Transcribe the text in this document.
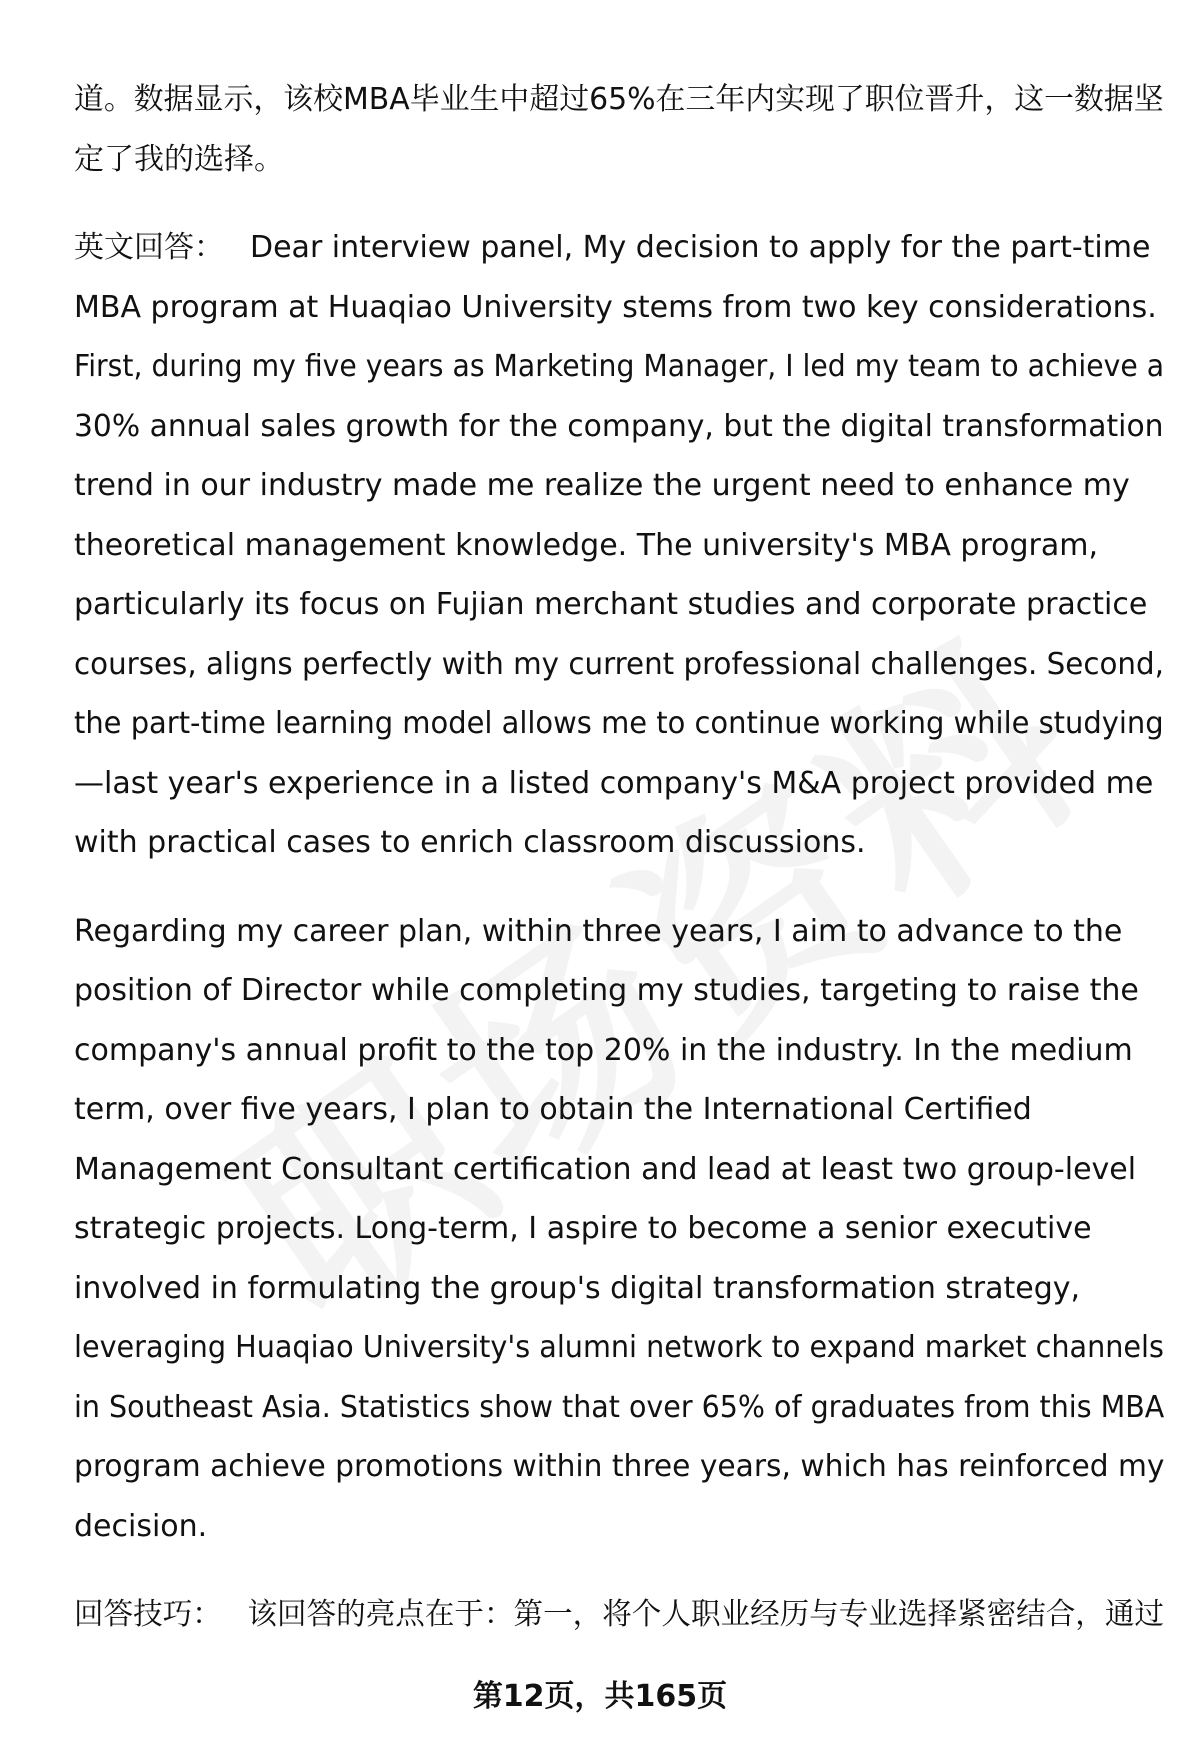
道。数据显示，该校MBA毕业生中超过65%在三年内实现了职位晋升，这一数据坚
定了我的选择。
英文回答： Dear interview panel, My decision to apply for the part-time
MBA program at Huaqiao University stems from two key considerations.
First, during my five years as Marketing Manager, I led my team to achieve a
30% annual sales growth for the company, but the digital transformation
trend in our industry made me realize the urgent need to enhance my
theoretical management knowledge. The university's MBA program,
particularly its focus on Fujian merchant studies and corporate practice
courses, aligns perfectly with my current professional challenges. Second,
the part-time learning model allows me to continue working while studying
—last year's experience in a listed company's M&A project provided me
with practical cases to enrich classroom discussions.
Regarding my career plan, within three years, I aim to advance to the
position of Director while completing my studies, targeting to raise the
company's annual profit to the top 20% in the industry. In the medium
term, over five years, I plan to obtain the International Certified
Management Consultant certification and lead at least two group-level
strategic projects. Long-term, I aspire to become a senior executive
involved in formulating the group's digital transformation strategy,
leveraging Huaqiao University's alumni network to expand market channels
in Southeast Asia. Statistics show that over 65% of graduates from this MBA
program achieve promotions within three years, which has reinforced my
decision.
回答技巧： 该回答的亮点在于：第一，将个人职业经历与专业选择紧密结合，通过
第12页，共165页
